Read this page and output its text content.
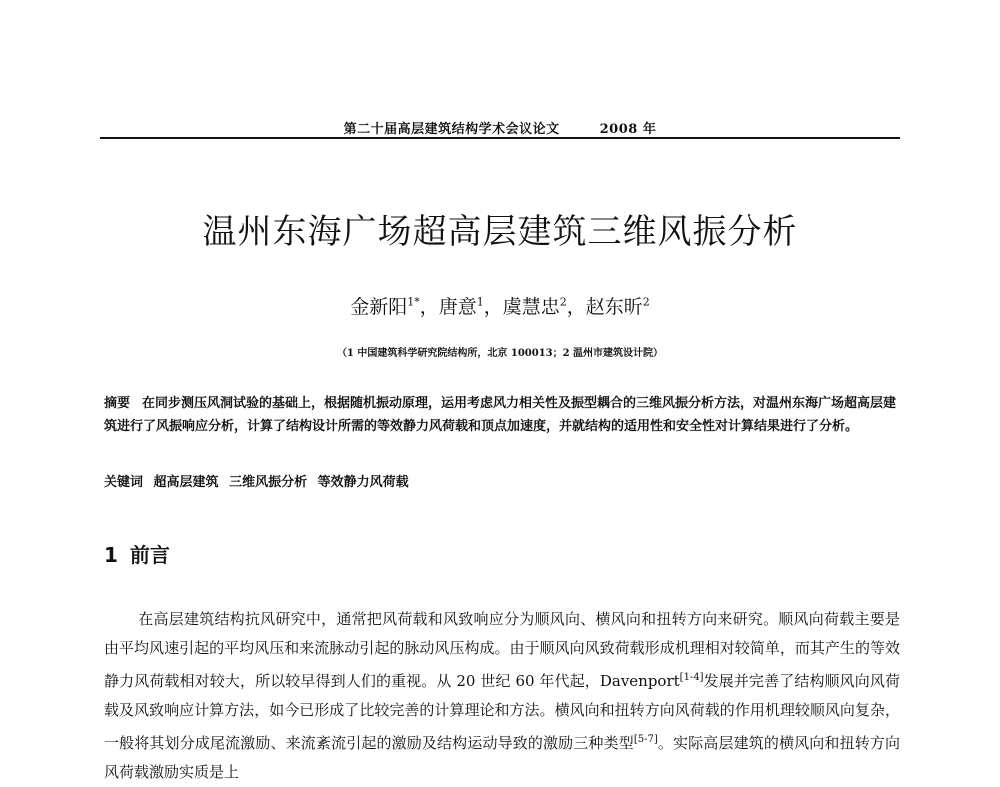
第二十届高层建筑结构学术会议论文	2008 年
温州东海广场超高层建筑三维风振分析
金新阳$^{1*}$，唐意$^1$，虞慧忠$^2$，赵东昕$^2$
（1 中国建筑科学研究院结构所，北京 100013；2 温州市建筑设计院）
摘要 在同步测压风洞试验的基础上，根据随机振动原理，运用考虑风力相关性及振型耦合的三维风振分析方法，对温州东海广场超高层建筑进行了风振响应分析，计算了结构设计所需的等效静力风荷载和顶点加速度，并就结构的适用性和安全性对计算结果进行了分析。
关键词 超高层建筑 三维风振分析 等效静力风荷载
1 前言
在高层建筑结构抗风研究中，通常把风荷载和风致响应分为顺风向、横风向和扭转方向来研究。顺风向荷载主要是由平均风速引起的平均风压和来流脉动引起的脉动风压构成。由于顺风向风致荷载形成机理相对较简单，而其产生的等效静力风荷载相对较大，所以较早得到人们的重视。从 20 世纪 60 年代起，Davenport[1-4]发展并完善了结构顺风向风荷载及风致响应计算方法，如今已形成了比较完善的计算理论和方法。横风向和扭转方向风荷载的作用机理较顺风向复杂，一般将其划分成尾流激励、来流紊流引起的激励及结构运动导致的激励三种类型[5-7]。实际高层建筑的横风向和扭转方向风荷载激励实质是上
